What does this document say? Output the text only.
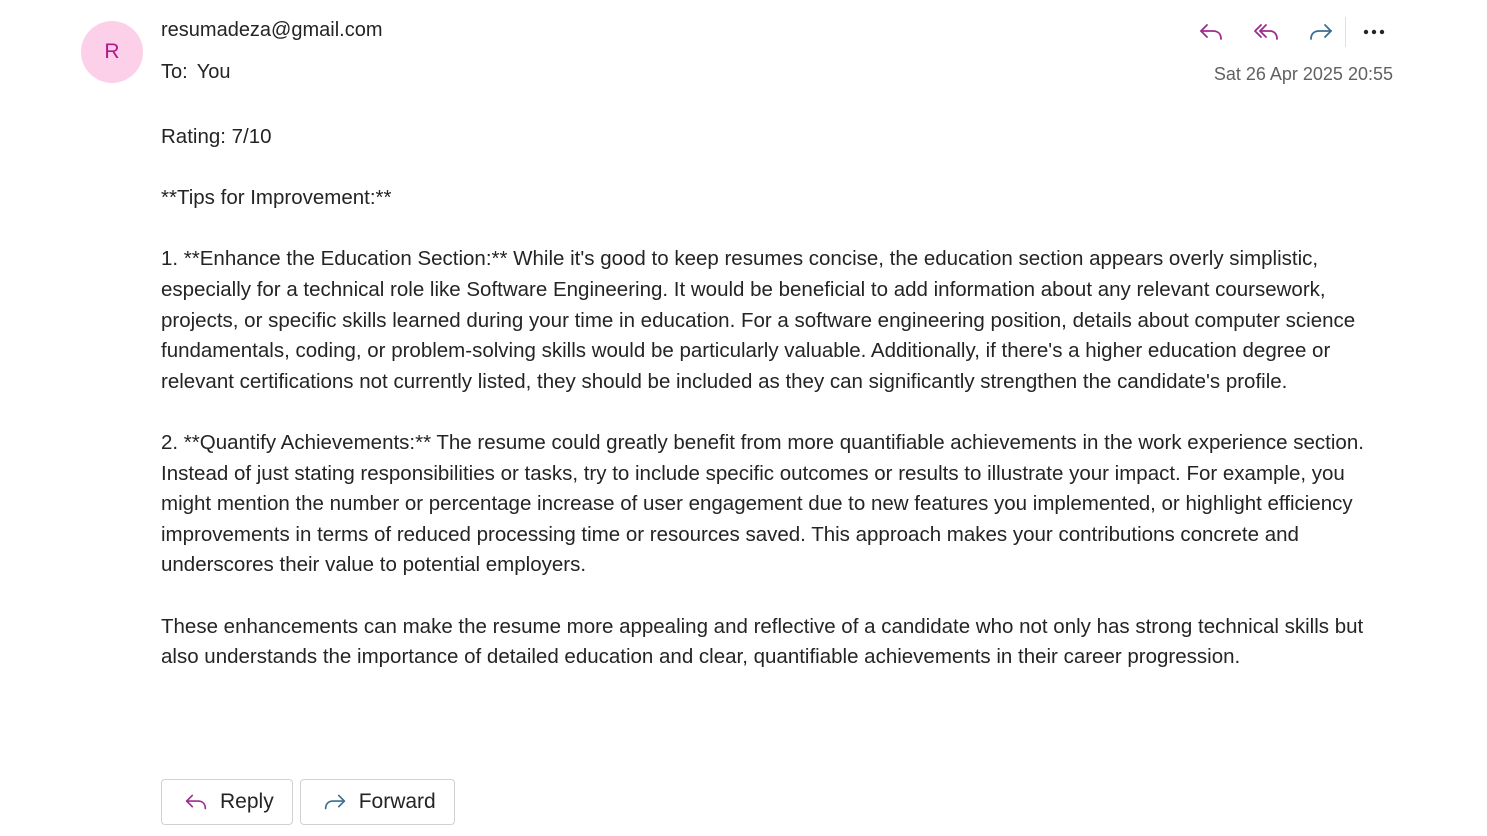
R
resumadeza@gmail.com
To: You	Sat 26 Apr 2025 20:55

Rating: 7/10

**Tips for Improvement:**

1. **Enhance the Education Section:** While it's good to keep resumes concise, the education section appears overly simplistic, especially for a technical role like Software Engineering. It would be beneficial to add information about any relevant coursework, projects, or specific skills learned during your time in education. For a software engineering position, details about computer science fundamentals, coding, or problem-solving skills would be particularly valuable. Additionally, if there's a higher education degree or relevant certifications not currently listed, they should be included as they can significantly strengthen the candidate's profile.

2. **Quantify Achievements:** The resume could greatly benefit from more quantifiable achievements in the work experience section. Instead of just stating responsibilities or tasks, try to include specific outcomes or results to illustrate your impact. For example, you might mention the number or percentage increase of user engagement due to new features you implemented, or highlight efficiency improvements in terms of reduced processing time or resources saved. This approach makes your contributions concrete and underscores their value to potential employers.

These enhancements can make the resume more appealing and reflective of a candidate who not only has strong technical skills but also understands the importance of detailed education and clear, quantifiable achievements in their career progression.

Reply	Forward
